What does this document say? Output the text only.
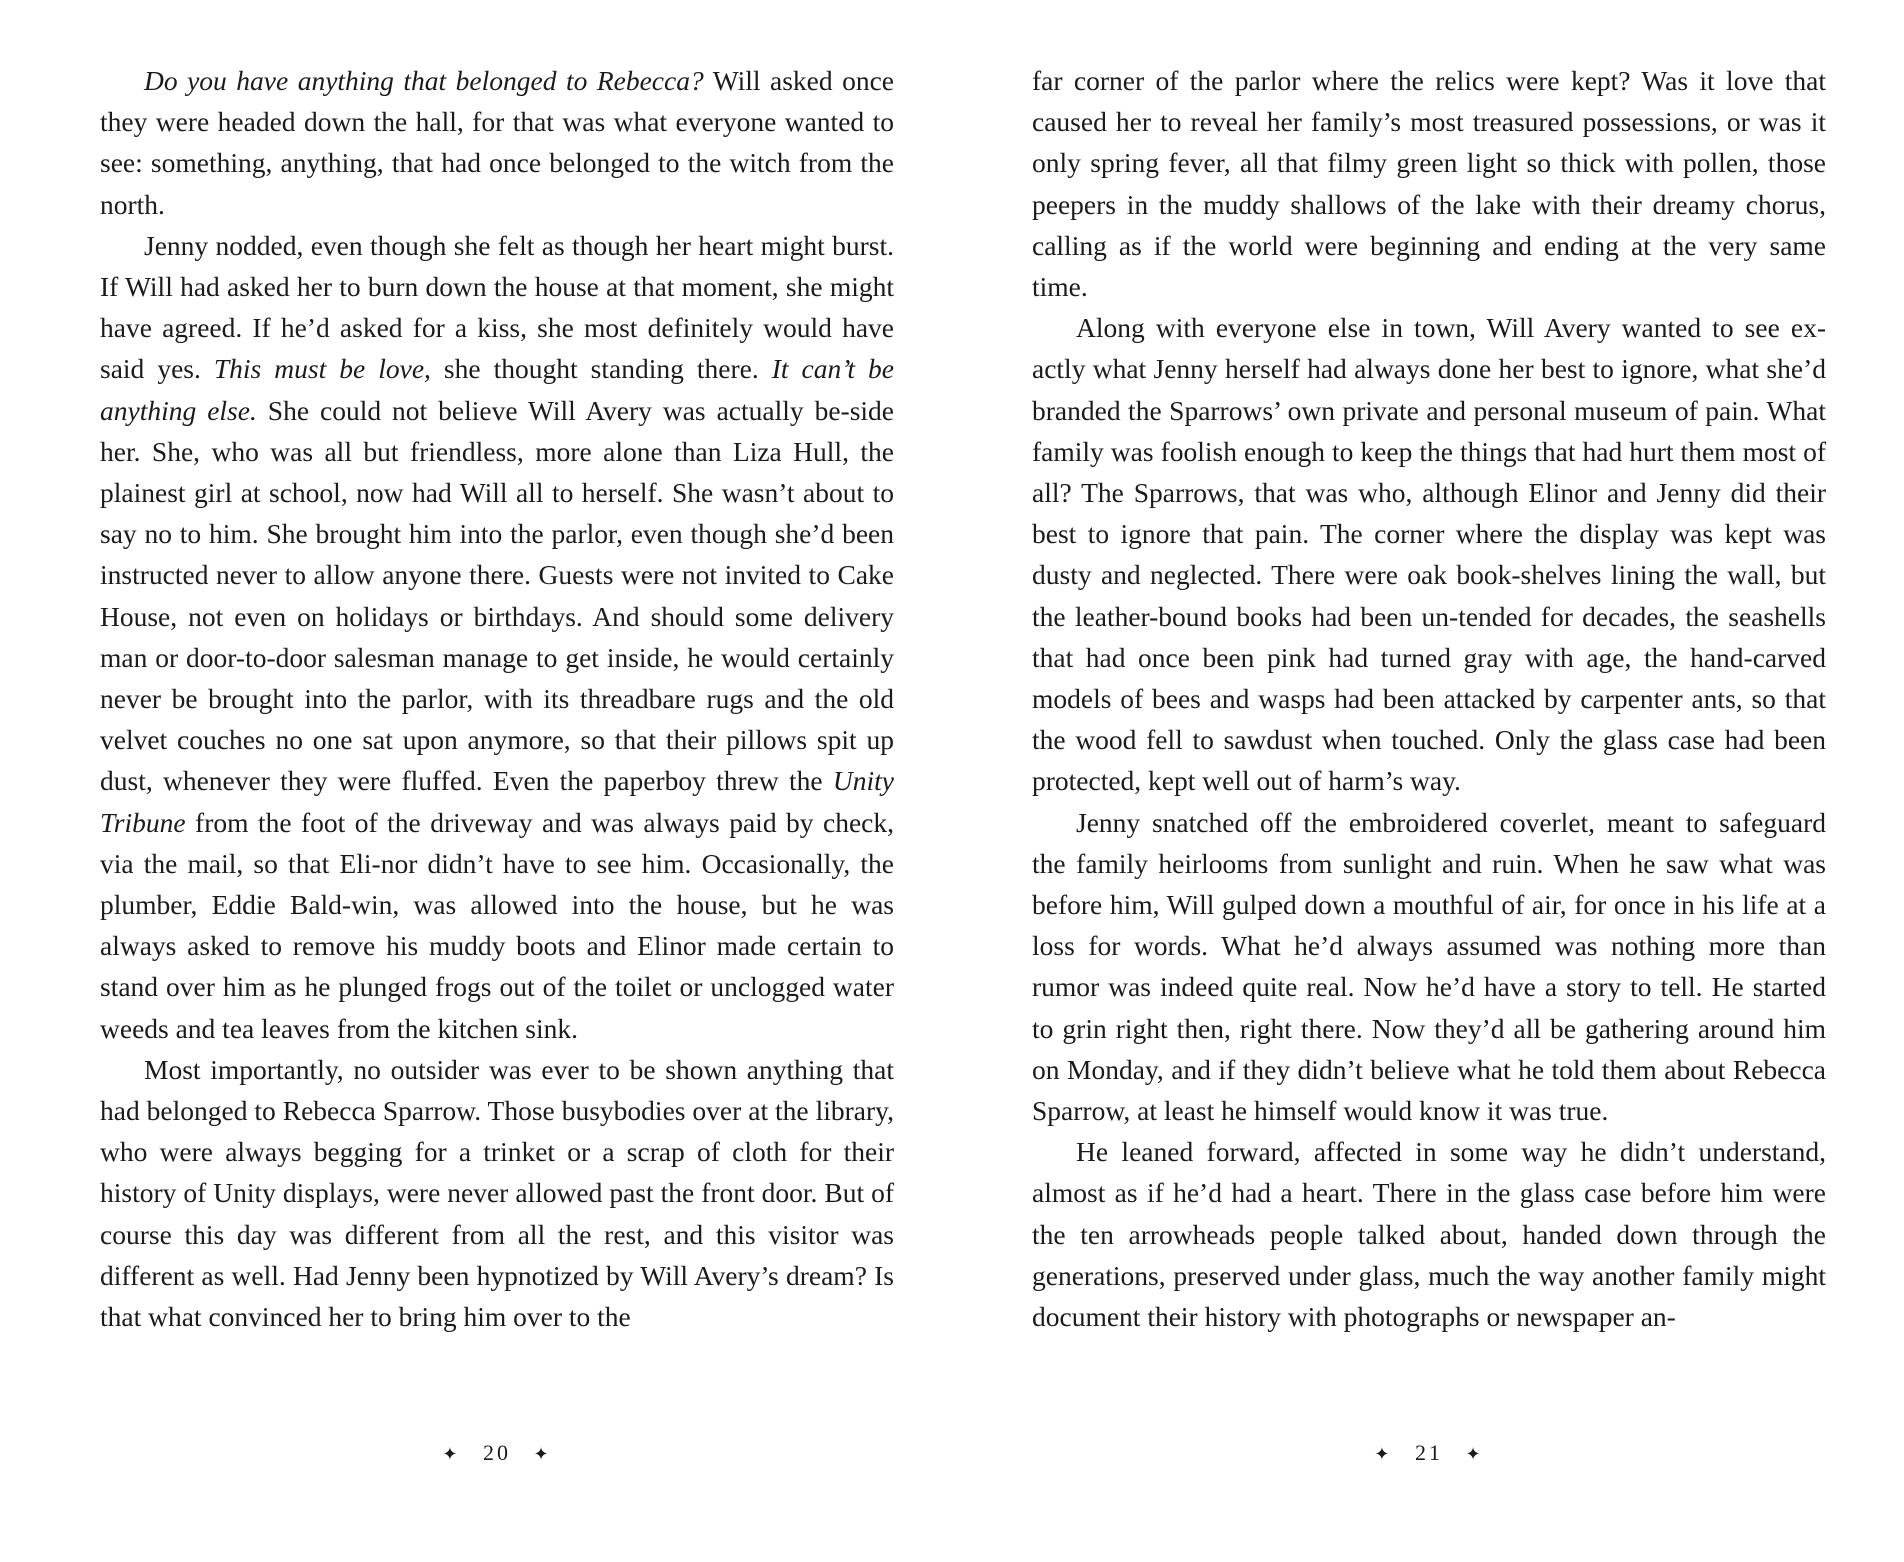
Do you have anything that belonged to Rebecca? Will asked once they were headed down the hall, for that was what everyone wanted to see: something, anything, that had once belonged to the witch from the north.

Jenny nodded, even though she felt as though her heart might burst. If Will had asked her to burn down the house at that moment, she might have agreed. If he’d asked for a kiss, she most definitely would have said yes. This must be love, she thought standing there. It can’t be anything else. She could not believe Will Avery was actually be-side her. She, who was all but friendless, more alone than Liza Hull, the plainest girl at school, now had Will all to herself. She wasn’t about to say no to him. She brought him into the parlor, even though she’d been instructed never to allow anyone there. Guests were not invited to Cake House, not even on holidays or birthdays. And should some delivery man or door-to-door salesman manage to get inside, he would certainly never be brought into the parlor, with its threadbare rugs and the old velvet couches no one sat upon anymore, so that their pillows spit up dust, whenever they were fluffed. Even the paperboy threw the Unity Tribune from the foot of the driveway and was always paid by check, via the mail, so that Eli-nor didn’t have to see him. Occasionally, the plumber, Eddie Bald-win, was allowed into the house, but he was always asked to remove his muddy boots and Elinor made certain to stand over him as he plunged frogs out of the toilet or unclogged water weeds and tea leaves from the kitchen sink.

Most importantly, no outsider was ever to be shown anything that had belonged to Rebecca Sparrow. Those busybodies over at the library, who were always begging for a trinket or a scrap of cloth for their history of Unity displays, were never allowed past the front door. But of course this day was different from all the rest, and this visitor was different as well. Had Jenny been hypnotized by Will Avery’s dream? Is that what convinced her to bring him over to the

far corner of the parlor where the relics were kept? Was it love that caused her to reveal her family’s most treasured possessions, or was it only spring fever, all that filmy green light so thick with pollen, those peepers in the muddy shallows of the lake with their dreamy chorus, calling as if the world were beginning and ending at the very same time.

Along with everyone else in town, Will Avery wanted to see ex-actly what Jenny herself had always done her best to ignore, what she’d branded the Sparrows’ own private and personal museum of pain. What family was foolish enough to keep the things that had hurt them most of all? The Sparrows, that was who, although Elinor and Jenny did their best to ignore that pain. The corner where the display was kept was dusty and neglected. There were oak book-shelves lining the wall, but the leather-bound books had been un-tended for decades, the seashells that had once been pink had turned gray with age, the hand-carved models of bees and wasps had been attacked by carpenter ants, so that the wood fell to sawdust when touched. Only the glass case had been protected, kept well out of harm’s way.

Jenny snatched off the embroidered coverlet, meant to safeguard the family heirlooms from sunlight and ruin. When he saw what was before him, Will gulped down a mouthful of air, for once in his life at a loss for words. What he’d always assumed was nothing more than rumor was indeed quite real. Now he’d have a story to tell. He started to grin right then, right there. Now they’d all be gathering around him on Monday, and if they didn’t believe what he told them about Rebecca Sparrow, at least he himself would know it was true.

He leaned forward, affected in some way he didn’t understand, almost as if he’d had a heart. There in the glass case before him were the ten arrowheads people talked about, handed down through the generations, preserved under glass, much the way another family might document their history with photographs or newspaper an-

✦ 20 ✦	✦ 21 ✦
